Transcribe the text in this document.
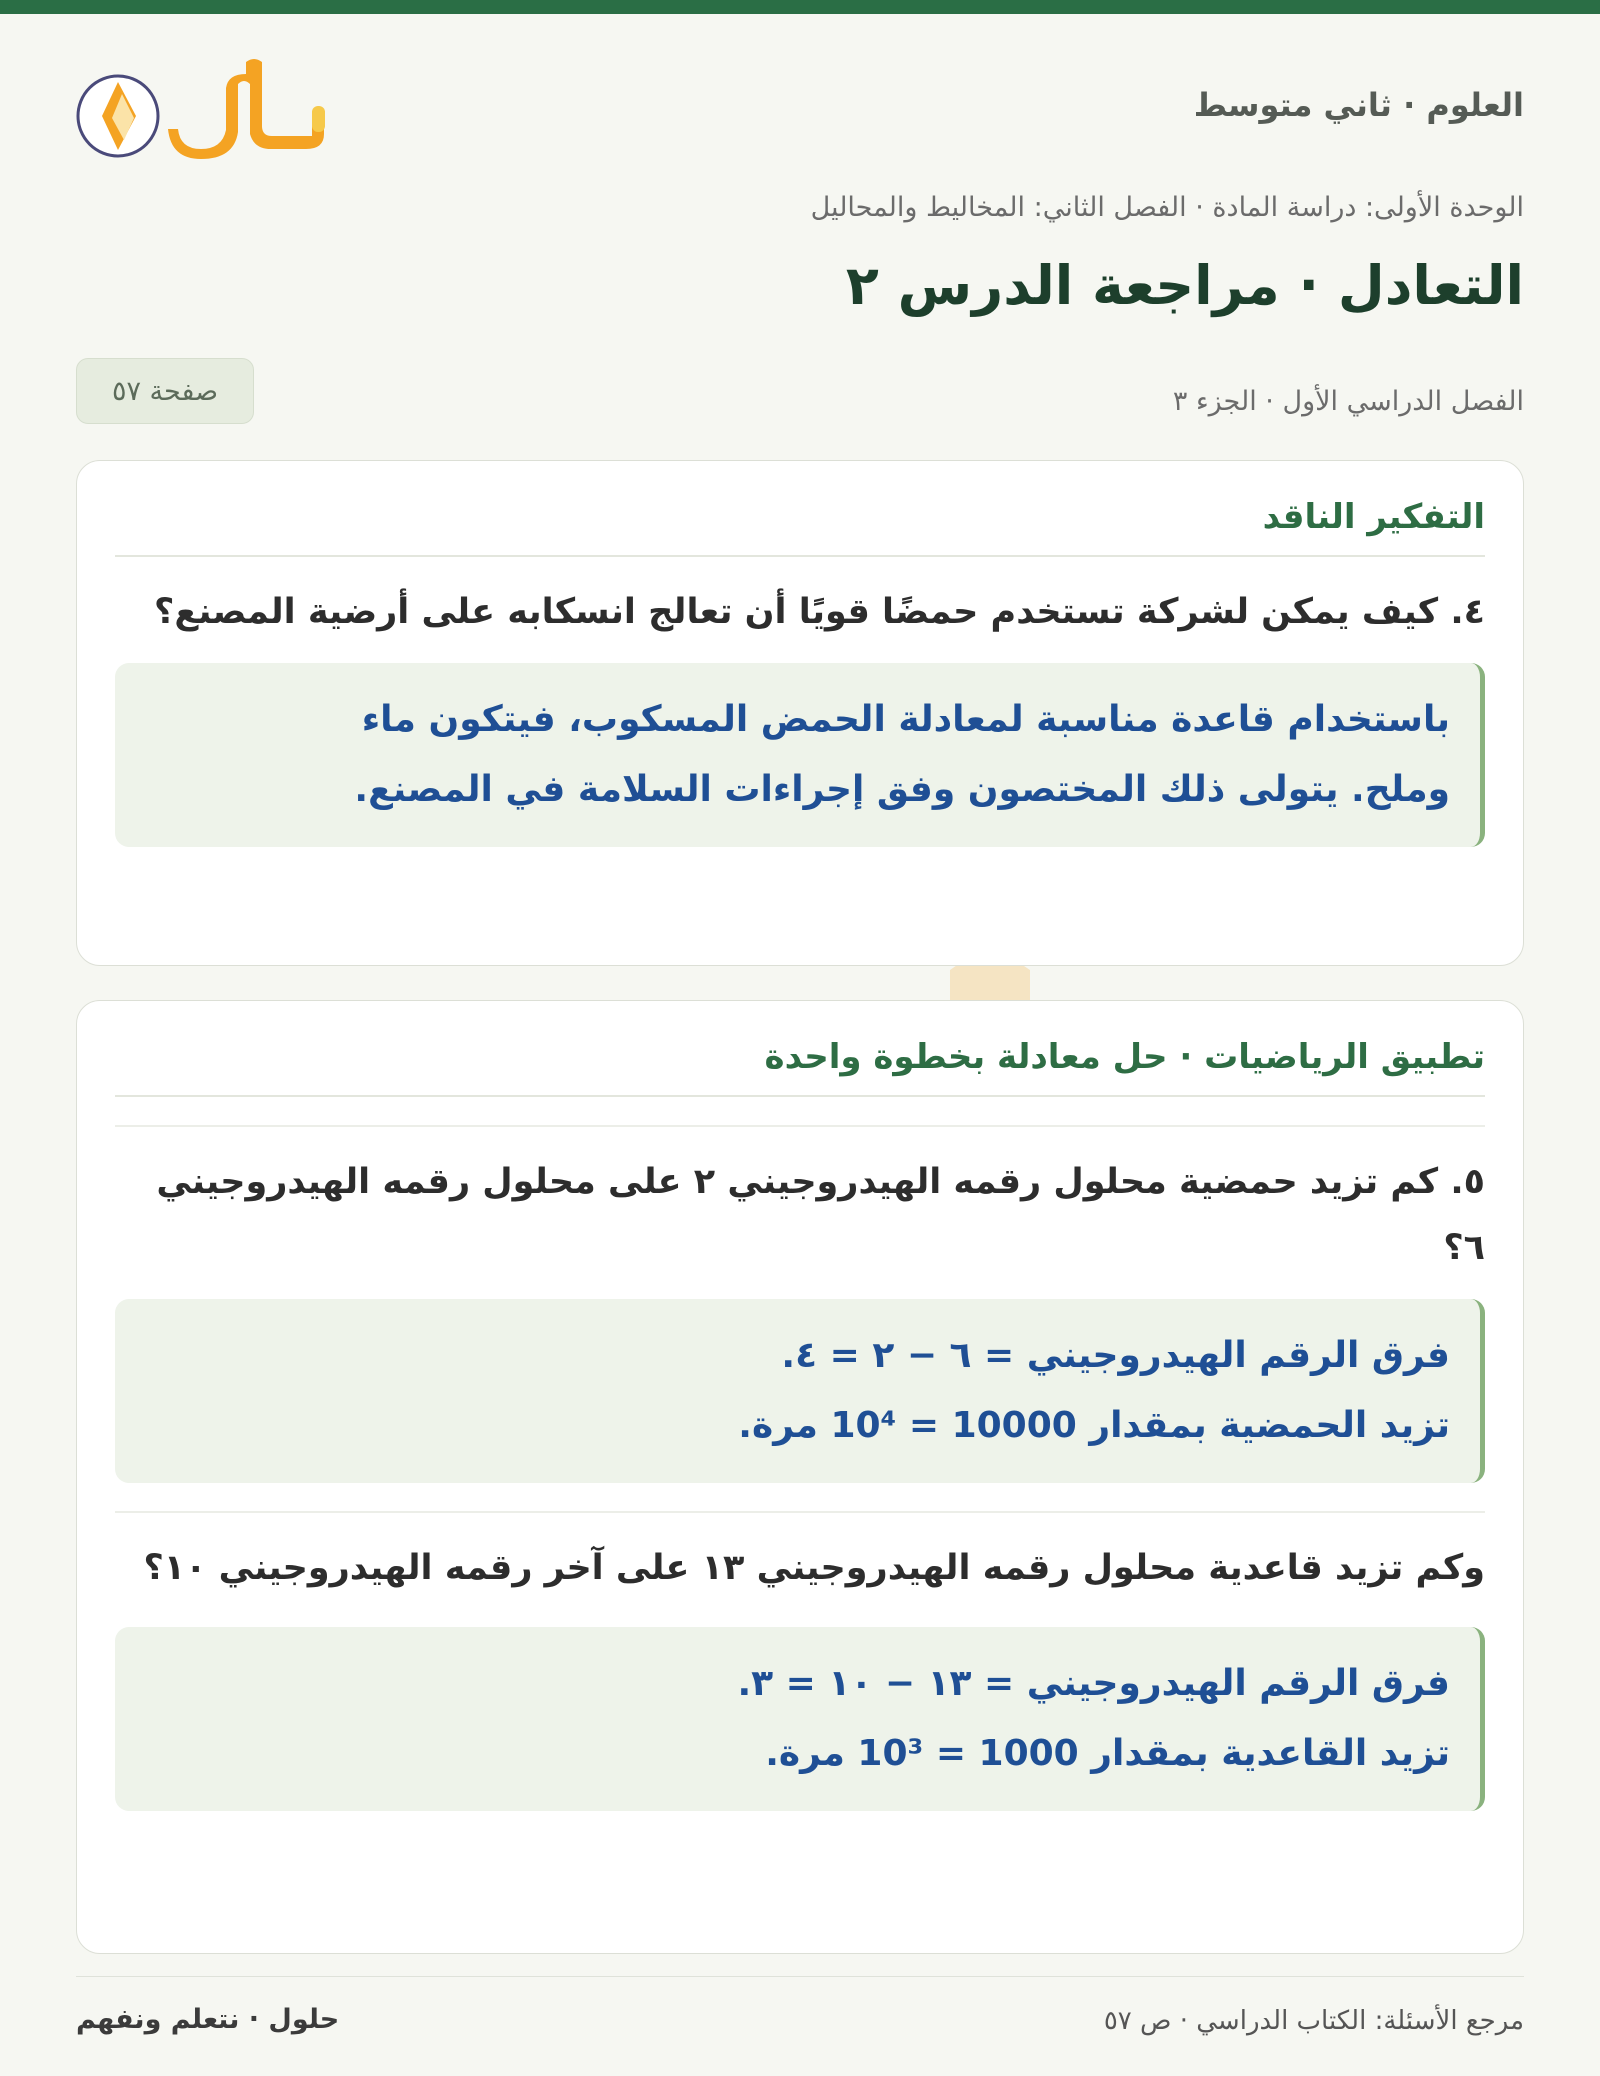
العلوم · ثاني متوسط
الوحدة الأولى: دراسة المادة · الفصل الثاني: المخاليط والمحاليل
التعادل · مراجعة الدرس ٢
الفصل الدراسي الأول · الجزء ٣
صفحة ٥٧
التفكير الناقد
٤. كيف يمكن لشركة تستخدم حمضًا قويًا أن تعالج انسكابه على أرضية المصنع؟
باستخدام قاعدة مناسبة لمعادلة الحمض المسكوب، فيتكون ماء
وملح. يتولى ذلك المختصون وفق إجراءات السلامة في المصنع.
تطبيق الرياضيات · حل معادلة بخطوة واحدة
٥. كم تزيد حمضية محلول رقمه الهيدروجيني ٢ على محلول رقمه الهيدروجيني ٦؟
فرق الرقم الهيدروجيني = ٦ − ٢ = ٤.
تزيد الحمضية بمقدار 10000 = 10⁴ مرة.
وكم تزيد قاعدية محلول رقمه الهيدروجيني ١٣ على آخر رقمه الهيدروجيني ١٠؟
فرق الرقم الهيدروجيني = ١٣ − ١٠ = ٣.
تزيد القاعدية بمقدار 1000 = 10³ مرة.
مرجع الأسئلة: الكتاب الدراسي · ص ٥٧
حلول · نتعلم ونفهم
